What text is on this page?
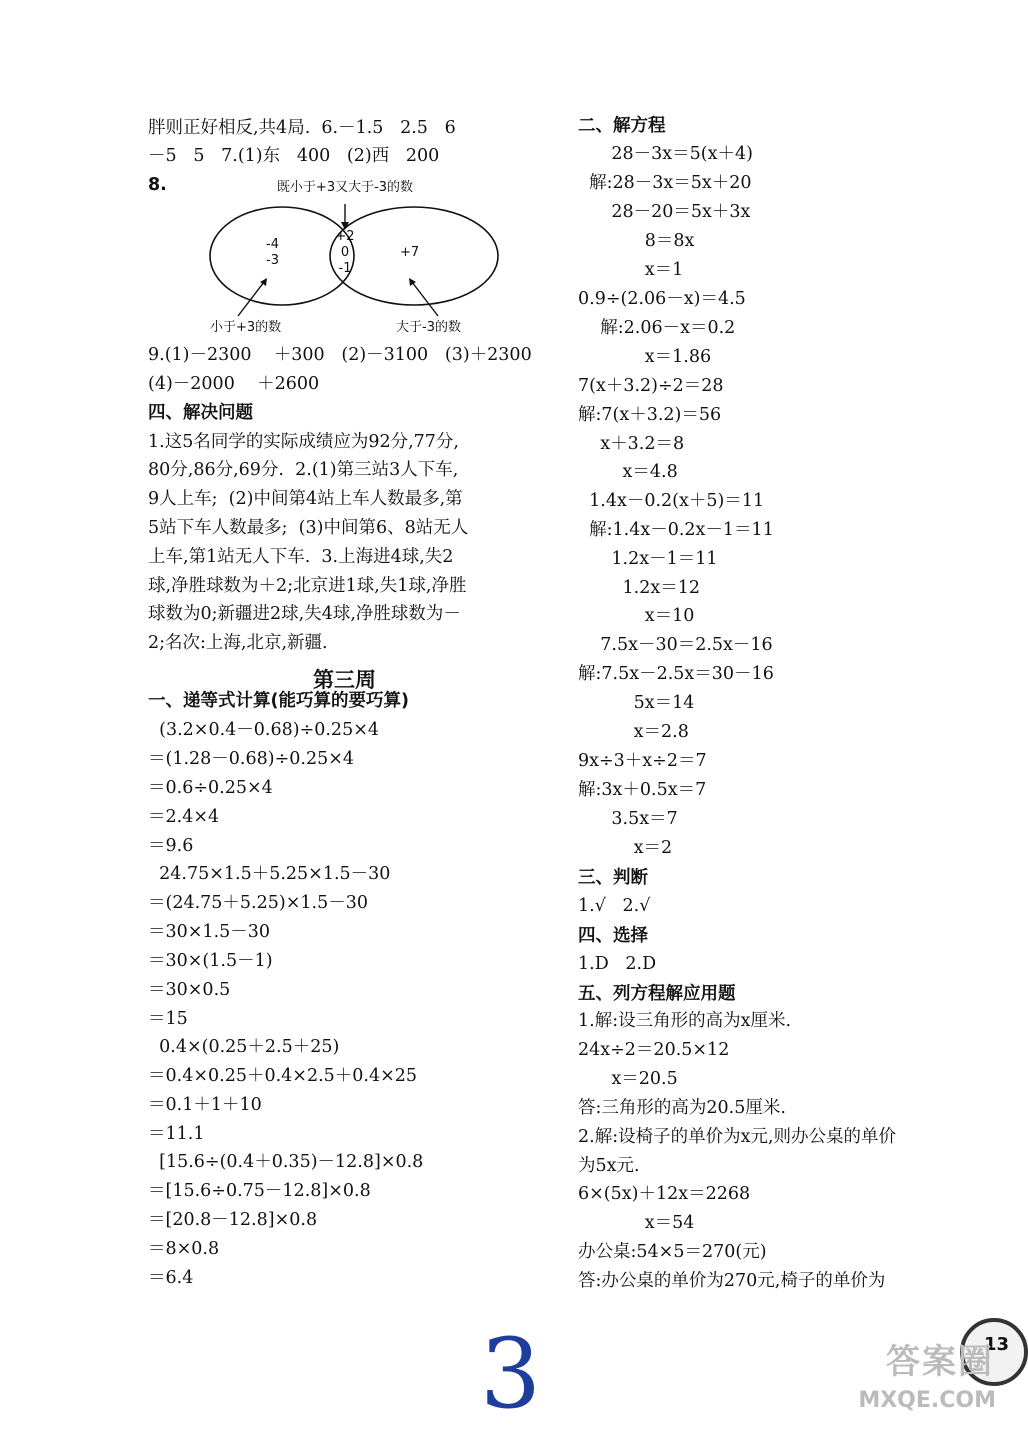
胖则正好相反,共4局.  6.－1.5   2.5   6
－5   5   7.(1)东   400   (2)西   200
8.
9.(1)－2300    ＋300   (2)－3100   (3)＋2300
(4)－2000    ＋2600
四、解决问题
1.这5名同学的实际成绩应为92分,77分,
80分,86分,69分.  2.(1)第三站3人下车,
9人上车;  (2)中间第4站上车人数最多,第
5站下车人数最多;  (3)中间第6、8站无人
上车,第1站无人下车.  3.上海进4球,失2
球,净胜球数为＋2;北京进1球,失1球,净胜
球数为0;新疆进2球,失4球,净胜球数为－
2;名次:上海,北京,新疆.
一、递等式计算(能巧算的要巧算)
(3.2×0.4－0.68)÷0.25×4
＝(1.28－0.68)÷0.25×4
＝0.6÷0.25×4
＝2.4×4
＝9.6
24.75×1.5＋5.25×1.5－30
＝(24.75＋5.25)×1.5－30
＝30×1.5－30
＝30×(1.5－1)
＝30×0.5
＝15
0.4×(0.25＋2.5＋25)
＝0.4×0.25＋0.4×2.5＋0.4×25
＝0.1＋1＋10
＝11.1
[15.6÷(0.4＋0.35)－12.8]×0.8
＝[15.6÷0.75－12.8]×0.8
＝[20.8－12.8]×0.8
＝8×0.8
＝6.4
第三周
既小于+3又大于-3的数
-4
-3
+2
0
-1
+7
小于+3的数	大于-3的数
二、解方程
28－3x＝5(x＋4)
解:28－3x＝5x＋20
28－20＝5x＋3x
8＝8x
x＝1
0.9÷(2.06－x)＝4.5
解:2.06－x＝0.2
x＝1.86
7(x＋3.2)÷2＝28
解:7(x＋3.2)＝56
x＋3.2＝8
x＝4.8
1.4x－0.2(x＋5)＝11
解:1.4x－0.2x－1＝11
1.2x－1＝11
1.2x＝12
x＝10
7.5x－30＝2.5x－16
解:7.5x－2.5x＝30－16
5x＝14
x＝2.8
9x÷3＋x÷2＝7
解:3x＋0.5x＝7
3.5x＝7
x＝2
三、判断
1.√   2.√
四、选择
1.D   2.D
五、列方程解应用题
1.解:设三角形的高为x厘米.
24x÷2＝20.5×12
x＝20.5
答:三角形的高为20.5厘米.
2.解:设椅子的单价为x元,则办公桌的单价
为5x元.
6×(5x)＋12x＝2268
x＝54
办公桌:54×5＝270(元)
答:办公桌的单价为270元,椅子的单价为
3	13
答案圈
MXQE.COM
